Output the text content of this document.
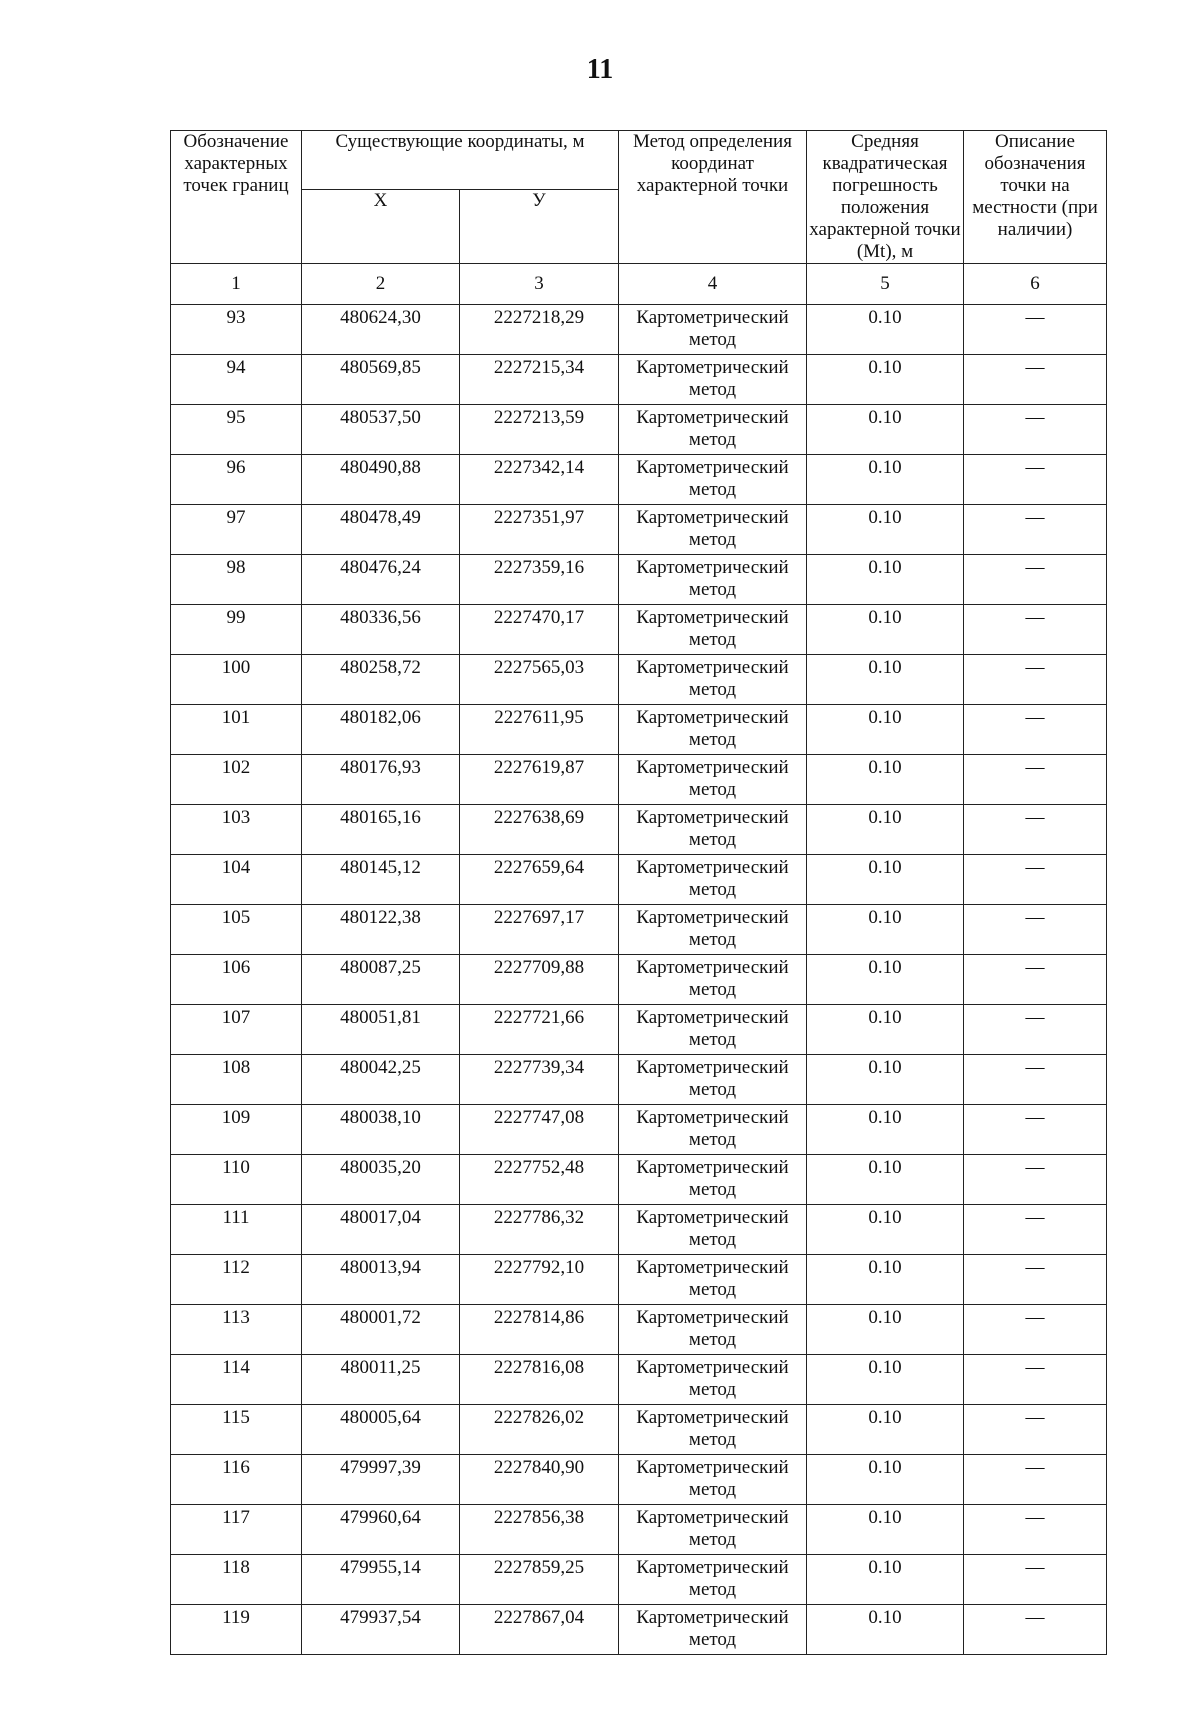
11
Обозначение характерных точек границ	Существующие координаты, м		Метод определения координат характерной точки	Средняя квадратическая погрешность положения характерной точки (Mt), м	Описание обозначения точки на местности (при наличии)
	Х	У			
1	2	3	4	5	6
93	480624,30	2227218,29	Картометрический метод	0.10	—
94	480569,85	2227215,34	Картометрический метод	0.10	—
95	480537,50	2227213,59	Картометрический метод	0.10	—
96	480490,88	2227342,14	Картометрический метод	0.10	—
97	480478,49	2227351,97	Картометрический метод	0.10	—
98	480476,24	2227359,16	Картометрический метод	0.10	—
99	480336,56	2227470,17	Картометрический метод	0.10	—
100	480258,72	2227565,03	Картометрический метод	0.10	—
101	480182,06	2227611,95	Картометрический метод	0.10	—
102	480176,93	2227619,87	Картометрический метод	0.10	—
103	480165,16	2227638,69	Картометрический метод	0.10	—
104	480145,12	2227659,64	Картометрический метод	0.10	—
105	480122,38	2227697,17	Картометрический метод	0.10	—
106	480087,25	2227709,88	Картометрический метод	0.10	—
107	480051,81	2227721,66	Картометрический метод	0.10	—
108	480042,25	2227739,34	Картометрический метод	0.10	—
109	480038,10	2227747,08	Картометрический метод	0.10	—
110	480035,20	2227752,48	Картометрический метод	0.10	—
111	480017,04	2227786,32	Картометрический метод	0.10	—
112	480013,94	2227792,10	Картометрический метод	0.10	—
113	480001,72	2227814,86	Картометрический метод	0.10	—
114	480011,25	2227816,08	Картометрический метод	0.10	—
115	480005,64	2227826,02	Картометрический метод	0.10	—
116	479997,39	2227840,90	Картометрический метод	0.10	—
117	479960,64	2227856,38	Картометрический метод	0.10	—
118	479955,14	2227859,25	Картометрический метод	0.10	—
119	479937,54	2227867,04	Картометрический метод	0.10	—
